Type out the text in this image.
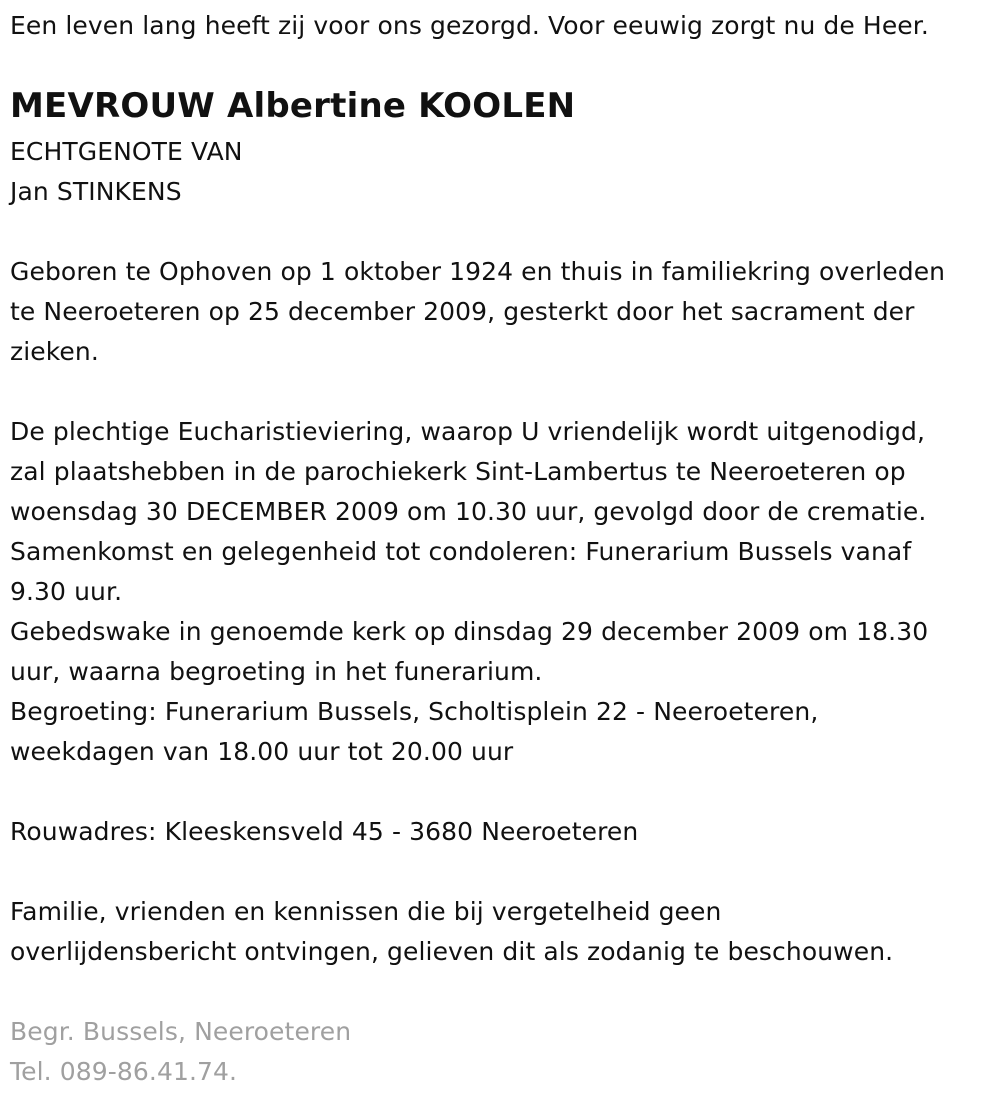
Een leven lang heeft zij voor ons gezorgd. Voor eeuwig zorgt nu de Heer.
MEVROUW Albertine KOOLEN
ECHTGENOTE VAN
Jan STINKENS
Geboren te Ophoven op 1 oktober 1924 en thuis in familiekring overleden
te Neeroeteren op 25 december 2009, gesterkt door het sacrament der
zieken.
De plechtige Eucharistieviering, waarop U vriendelijk wordt uitgenodigd,
zal plaatshebben in de parochiekerk Sint-Lambertus te Neeroeteren op
woensdag 30 DECEMBER 2009 om 10.30 uur, gevolgd door de crematie.
Samenkomst en gelegenheid tot condoleren: Funerarium Bussels vanaf
9.30 uur.
Gebedswake in genoemde kerk op dinsdag 29 december 2009 om 18.30
uur, waarna begroeting in het funerarium.
Begroeting: Funerarium Bussels, Scholtisplein 22 - Neeroeteren,
weekdagen van 18.00 uur tot 20.00 uur
Rouwadres: Kleeskensveld 45 - 3680 Neeroeteren
Familie, vrienden en kennissen die bij vergetelheid geen
overlijdensbericht ontvingen, gelieven dit als zodanig te beschouwen.
Begr. Bussels, Neeroeteren
Tel. 089-86.41.74.
